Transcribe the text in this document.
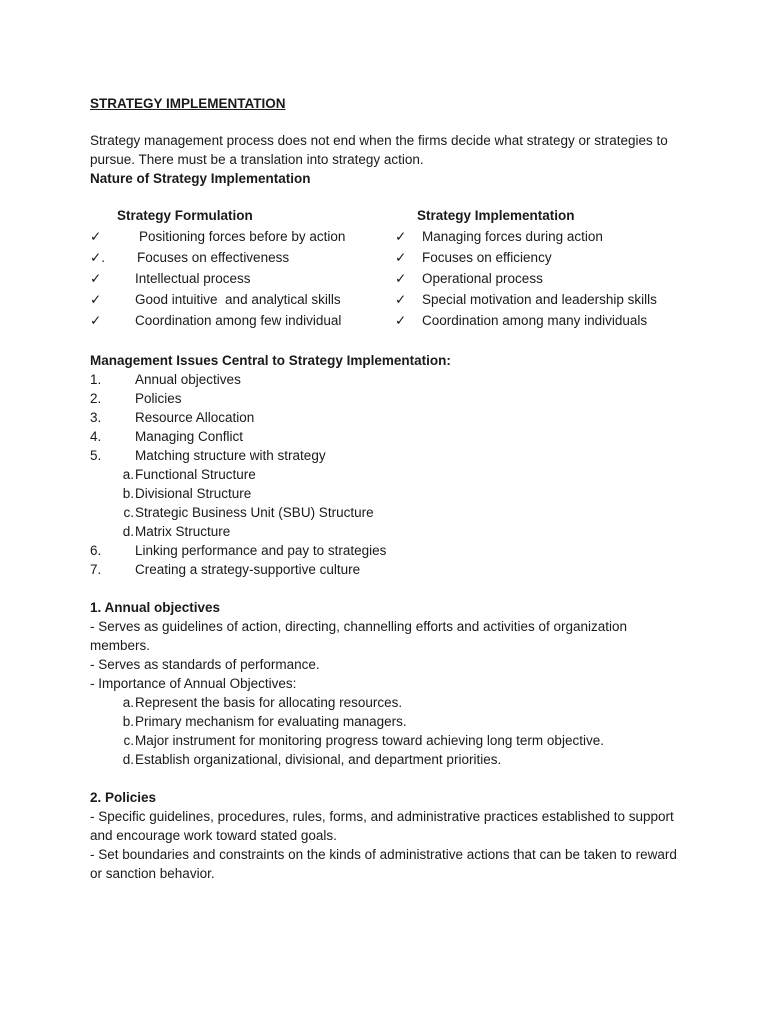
STRATEGY IMPLEMENTATION

Strategy management process does not end when the firms decide what strategy or strategies to pursue. There must be a translation into strategy action.

Nature of Strategy Implementation

Strategy Formulation	Strategy Implementation
✓	Positioning forces before by action	✓	Managing forces during action
✓.	Focuses on effectiveness	✓	Focuses on efficiency
✓	Intellectual process	✓	Operational process
✓	Good intuitive  and analytical skills	✓	Special motivation and leadership skills
✓	Coordination among few individual	✓	Coordination among many individuals

Management Issues Central to Strategy Implementation:

1.	Annual objectives
2.	Policies
3.	Resource Allocation
4.	Managing Conflict
5.	Matching structure with strategy
a. Functional Structure
b. Divisional Structure
c. Strategic Business Unit (SBU) Structure
d. Matrix Structure
6.	Linking performance and pay to strategies
7.	Creating a strategy-supportive culture

1. Annual objectives

- Serves as guidelines of action, directing, channelling efforts and activities of organization members.

- Serves as standards of performance.

- Importance of Annual Objectives:

a. Represent the basis for allocating resources.
b. Primary mechanism for evaluating managers.
c. Major instrument for monitoring progress toward achieving long term objective.
d. Establish organizational, divisional, and department priorities.

2. Policies

- Specific guidelines, procedures, rules, forms, and administrative practices established to support and encourage work toward stated goals.

- Set boundaries and constraints on the kinds of administrative actions that can be taken to reward or sanction behavior.
